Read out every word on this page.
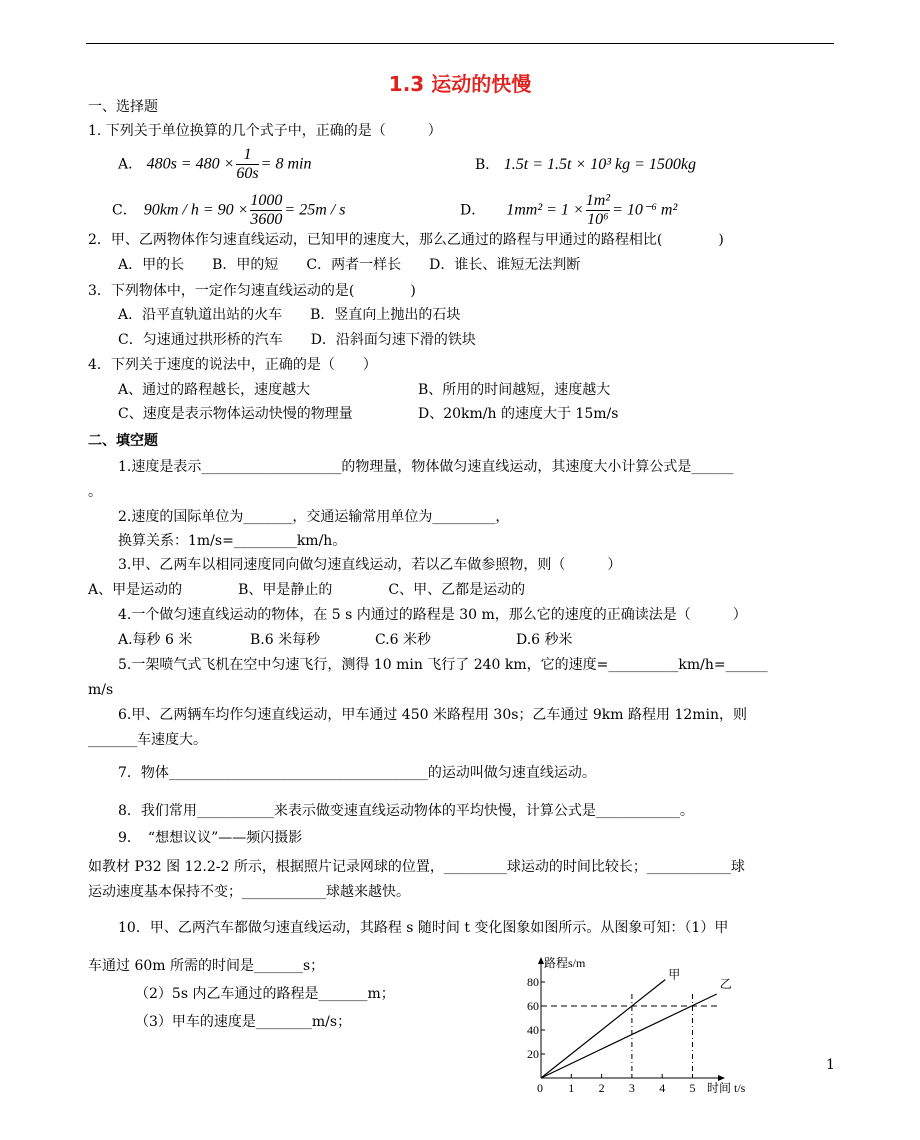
1.3 运动的快慢
一、选择题
1. 下列关于单位换算的几个式子中，正确的是（　　　）
A． $480s = 480 \times \frac{1}{60s} = 8$ min	B． 1.5t = 1.5t × 10³ kg = 1500kg
C．　 $90km / h = 90 \times \frac{1000}{3600} = 25m / s$	D．　　 $1mm^2 = 1 \times \frac{\text{1m²}}{\text{10⁶}} = 10^{-6}$ m²
2．甲、乙两物体作匀速直线运动，已知甲的速度大，那么乙通过的路程与甲通过的路程相比(　　　　)
A．甲的长　　B．甲的短　　C．两者一样长　　D．谁长、谁短无法判断
3．下列物体中，一定作匀速直线运动的是(　　　　)
A．沿平直轨道出站的火车　　B．竖直向上抛出的石块
C．匀速通过拱形桥的汽车　　D．沿斜面匀速下滑的铁块
4．下列关于速度的说法中，正确的是（　　）
A、通过的路程越长，速度越大	B、所用的时间越短，速度越大
C、速度是表示物体运动快慢的物理量	D、20km/h 的速度大于 15m/s
二、填空题
1.速度是表示____________________的物理量，物体做匀速直线运动，其速度大小计算公式是______
。
2.速度的国际单位为_______，交通运输常用单位为_________，
换算关系：1m/s=_________km/h。
3.甲、乙两车以相同速度同向做匀速直线运动，若以乙车做参照物，则（　　　）
A、甲是运动的　　　　B、甲是静止的　　　　C、甲、乙都是运动的
4.一个做匀速直线运动的物体，在 5 s 内通过的路程是 30 m，那么它的速度的正确读法是（　　　）
A.每秒 6 米	B.6 米每秒	C.6 米秒	D.6 秒米
5.一架喷气式飞机在空中匀速飞行，测得 10 min 飞行了 240 km，它的速度=__________km/h=______
m/s
6.甲、乙两辆车均作匀速直线运动，甲车通过 450 米路程用 30s；乙车通过 9km 路程用 12min，则
_______车速度大。
7．物体_____________________________________的运动叫做匀速直线运动。
8．我们常用___________来表示做变速直线运动物体的平均快慢，计算公式是____________。
9．　“想想议议”——频闪摄影
如教材 P32 图 12.2-2 所示，根据照片记录网球的位置，_________球运动的时间比较长；____________球
运动速度基本保持不变；____________球越来越快。
10．甲、乙两汽车都做匀速直线运动，其路程 s 随时间 t 变化图象如图所示。从图象可知：（1）甲
车通过 60m 所需的时间是_______s；
（2）5s 内乙车通过的路程是_______m；
（3）甲车的速度是________m/s；
1
路程s/m
时间 t/s
0 1 2 3 4 5
20
40
60
80
甲
乙
